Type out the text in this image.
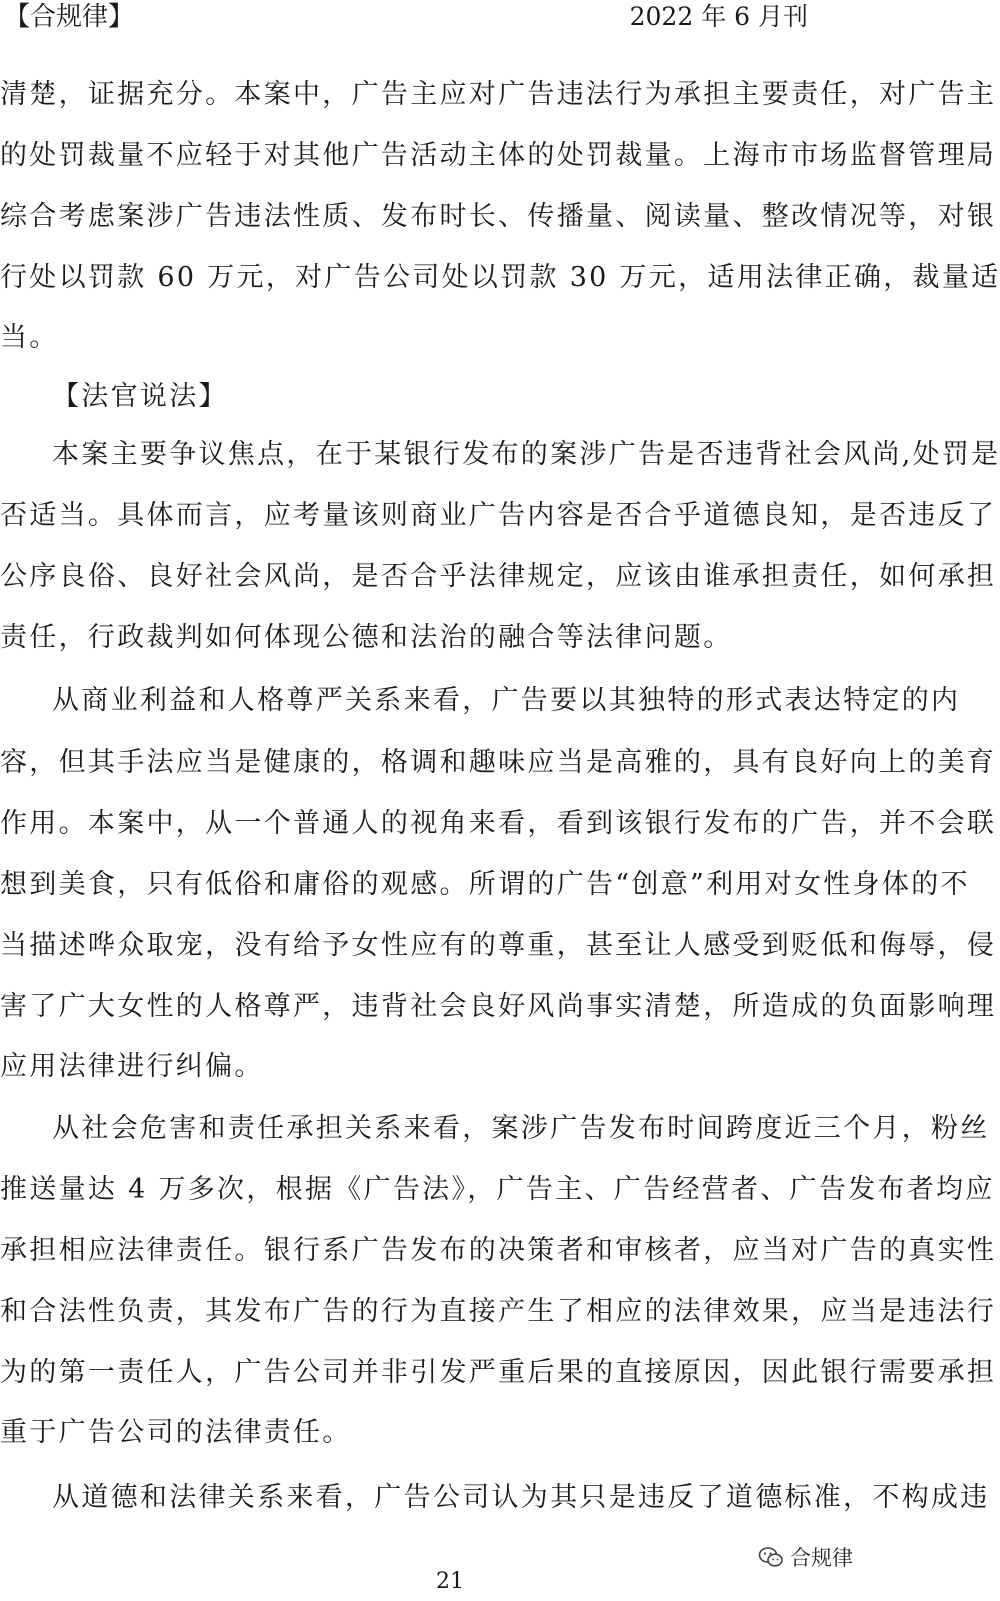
【合规律】	2022 年 6 月刊
清楚，证据充分。本案中，广告主应对广告违法行为承担主要责任，对广告主
的处罚裁量不应轻于对其他广告活动主体的处罚裁量。上海市市场监督管理局
综合考虑案涉广告违法性质、发布时长、传播量、阅读量、整改情况等，对银
行处以罚款 60 万元，对广告公司处以罚款 30 万元，适用法律正确，裁量适
当。
【法官说法】
本案主要争议焦点，在于某银行发布的案涉广告是否违背社会风尚,处罚是
否适当。具体而言，应考量该则商业广告内容是否合乎道德良知，是否违反了
公序良俗、良好社会风尚，是否合乎法律规定，应该由谁承担责任，如何承担
责任，行政裁判如何体现公德和法治的融合等法律问题。
从商业利益和人格尊严关系来看，广告要以其独特的形式表达特定的内
容，但其手法应当是健康的，格调和趣味应当是高雅的，具有良好向上的美育
作用。本案中，从一个普通人的视角来看，看到该银行发布的广告，并不会联
想到美食，只有低俗和庸俗的观感。所谓的广告“创意”利用对女性身体的不
当描述哗众取宠，没有给予女性应有的尊重，甚至让人感受到贬低和侮辱，侵
害了广大女性的人格尊严，违背社会良好风尚事实清楚，所造成的负面影响理
应用法律进行纠偏。
从社会危害和责任承担关系来看，案涉广告发布时间跨度近三个月，粉丝
推送量达 4 万多次，根据《广告法》，广告主、广告经营者、广告发布者均应
承担相应法律责任。银行系广告发布的决策者和审核者，应当对广告的真实性
和合法性负责，其发布广告的行为直接产生了相应的法律效果，应当是违法行
为的第一责任人，广告公司并非引发严重后果的直接原因，因此银行需要承担
重于广告公司的法律责任。
从道德和法律关系来看，广告公司认为其只是违反了道德标准，不构成违
合规律
21
